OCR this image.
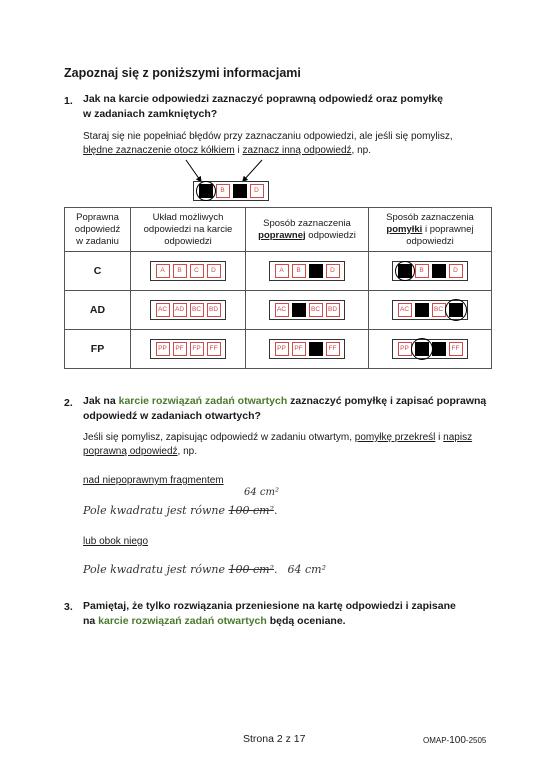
Zapoznaj się z poniższymi informacjami
1. Jak na karcie odpowiedzi zaznaczyć poprawną odpowiedź oraz pomyłkę
w zadaniach zamkniętych?
Staraj się nie popełniać błędów przy zaznaczaniu odpowiedzi, ale jeśli się pomylisz,
błędne zaznaczenie otocz kółkiem i zaznacz inną odpowiedź, np.
B	D
Poprawna
odpowiedź
w zadaniu	Układ możliwych
odpowiedzi na karcie
odpowiedzi	Sposób zaznaczenia
poprawnej odpowiedzi	Sposób zaznaczenia
pomyłki i poprawnej
odpowiedzi
C	A B C D	A B D	B D
AD	AC AD BC BD	AC BC BD	AC BC
FP	PP PF FP FF	PP PF FF	PP FF
2. Jak na karcie rozwiązań zadań otwartych zaznaczyć pomyłkę i zapisać poprawną
odpowiedź w zadaniach otwartych?
Jeśli się pomylisz, zapisując odpowiedź w zadaniu otwartym, pomyłkę przekreśl i napisz
poprawną odpowiedź, np.
nad niepoprawnym fragmentem
64 cm²
Pole kwadratu jest równe 100 cm².
lub obok niego
Pole kwadratu jest równe 100 cm². 64 cm²
3. Pamiętaj, że tylko rozwiązania przeniesione na kartę odpowiedzi i zapisane
na karcie rozwiązań zadań otwartych będą oceniane.
Strona 2 z 17	OMAP-100-2505
